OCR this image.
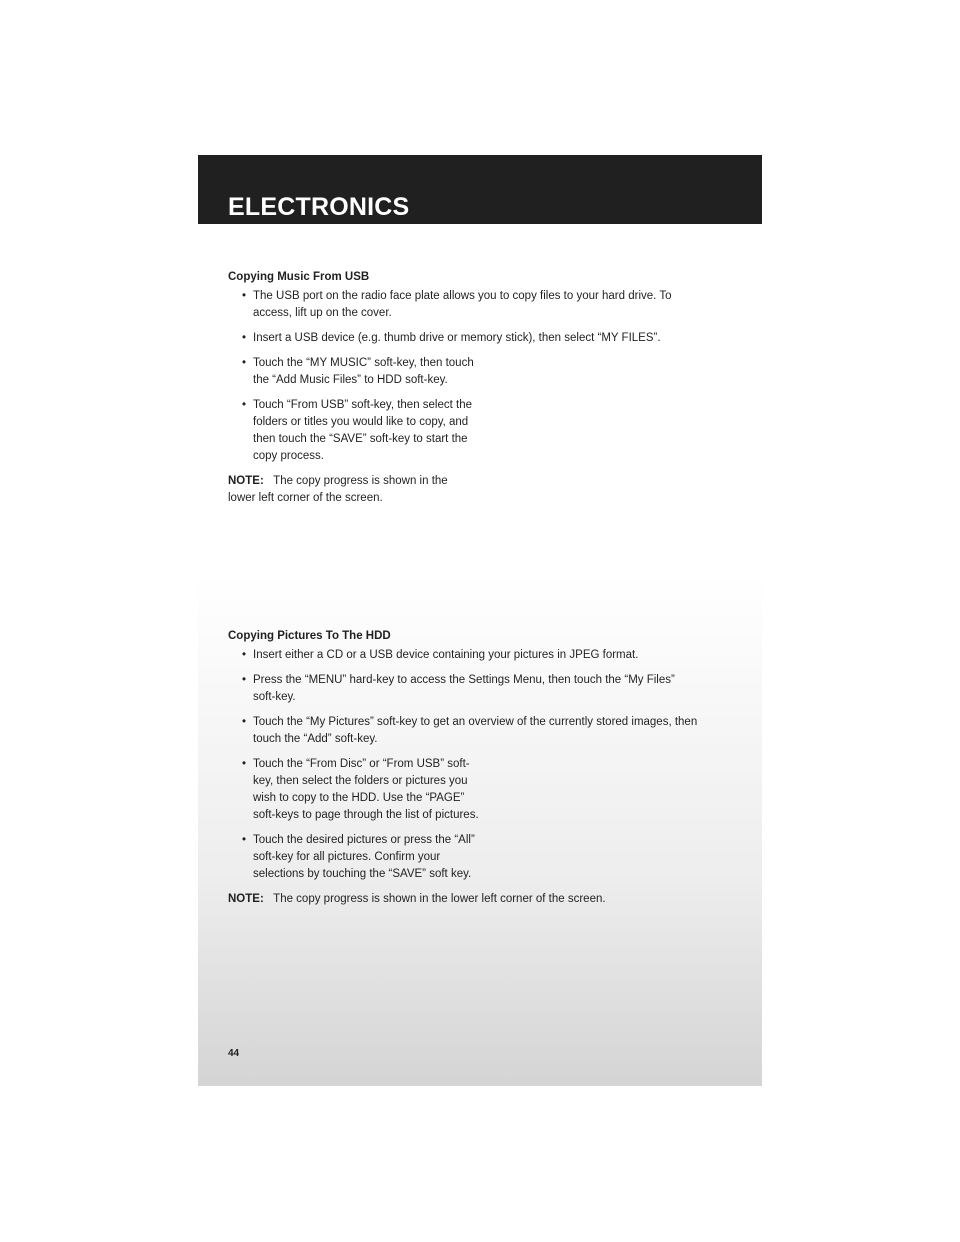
ELECTRONICS

Copying Music From USB

• The USB port on the radio face plate allows you to copy files to your hard drive. To access, lift up on the cover.
• Insert a USB device (e.g. thumb drive or memory stick), then select “MY FILES”.
• Touch the “MY MUSIC” soft-key, then touch the “Add Music Files” to HDD soft-key.
• Touch “From USB” soft-key, then select the folders or titles you would like to copy, and then touch the “SAVE” soft-key to start the copy process.

NOTE: The copy progress is shown in the lower left corner of the screen.

Copying Pictures To The HDD

• Insert either a CD or a USB device containing your pictures in JPEG format.
• Press the “MENU” hard-key to access the Settings Menu, then touch the “My Files” soft-key.
• Touch the “My Pictures” soft-key to get an overview of the currently stored images, then touch the “Add” soft-key.
• Touch the “From Disc” or “From USB” soft-key, then select the folders or pictures you wish to copy to the HDD. Use the “PAGE” soft-keys to page through the list of pictures.
• Touch the desired pictures or press the “All” soft-key for all pictures. Confirm your selections by touching the “SAVE” soft key.

NOTE: The copy progress is shown in the lower left corner of the screen.

44
